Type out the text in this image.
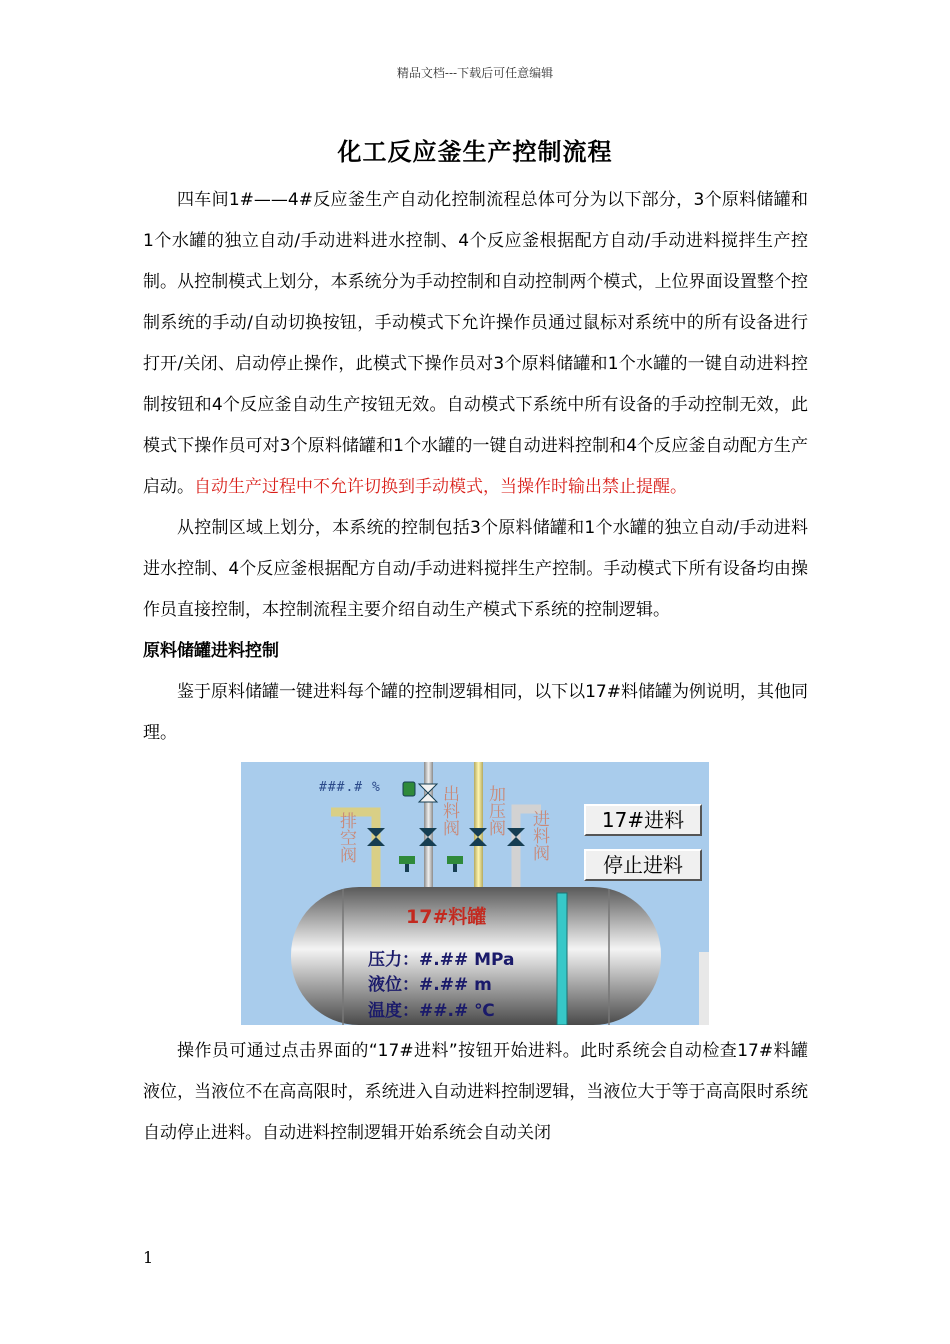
精品文档---下载后可任意编辑
化工反应釜生产控制流程

四车间1#——4#反应釜生产自动化控制流程总体可分为以下部分，3个原料储罐和1个水罐的独立自动/手动进料进水控制、4个反应釜根据配方自动/手动进料搅拌生产控制。从控制模式上划分，本系统分为手动控制和自动控制两个模式，上位界面设置整个控制系统的手动/自动切换按钮，手动模式下允许操作员通过鼠标对系统中的所有设备进行打开/关闭、启动停止操作，此模式下操作员对3个原料储罐和1个水罐的一键自动进料控制按钮和4个反应釜自动生产按钮无效。自动模式下系统中所有设备的手动控制无效，此模式下操作员可对3个原料储罐和1个水罐的一键自动进料控制和4个反应釜自动配方生产启动。自动生产过程中不允许切换到手动模式，当操作时输出禁止提醒。

从控制区域上划分，本系统的控制包括3个原料储罐和1个水罐的独立自动/手动进料进水控制、4个反应釜根据配方自动/手动进料搅拌生产控制。手动模式下所有设备均由操作员直接控制，本控制流程主要介绍自动生产模式下系统的控制逻辑。

原料储罐进料控制

鉴于原料储罐一键进料每个罐的控制逻辑相同，以下以17#料储罐为例说明，其他同理。

###.# %
排空阀
出料阀
加压阀 进料阀
17#进料
停止进料
17#料罐
压力：#.## MPa
液位：#.## m
温度：##.# ℃

操作员可通过点击界面的“17#进料”按钮开始进料。此时系统会自动检查17#料罐液位，当液位不在高高限时，系统进入自动进料控制逻辑，当液位大于等于高高限时系统自动停止进料。自动进料控制逻辑开始系统会自动关闭

1
